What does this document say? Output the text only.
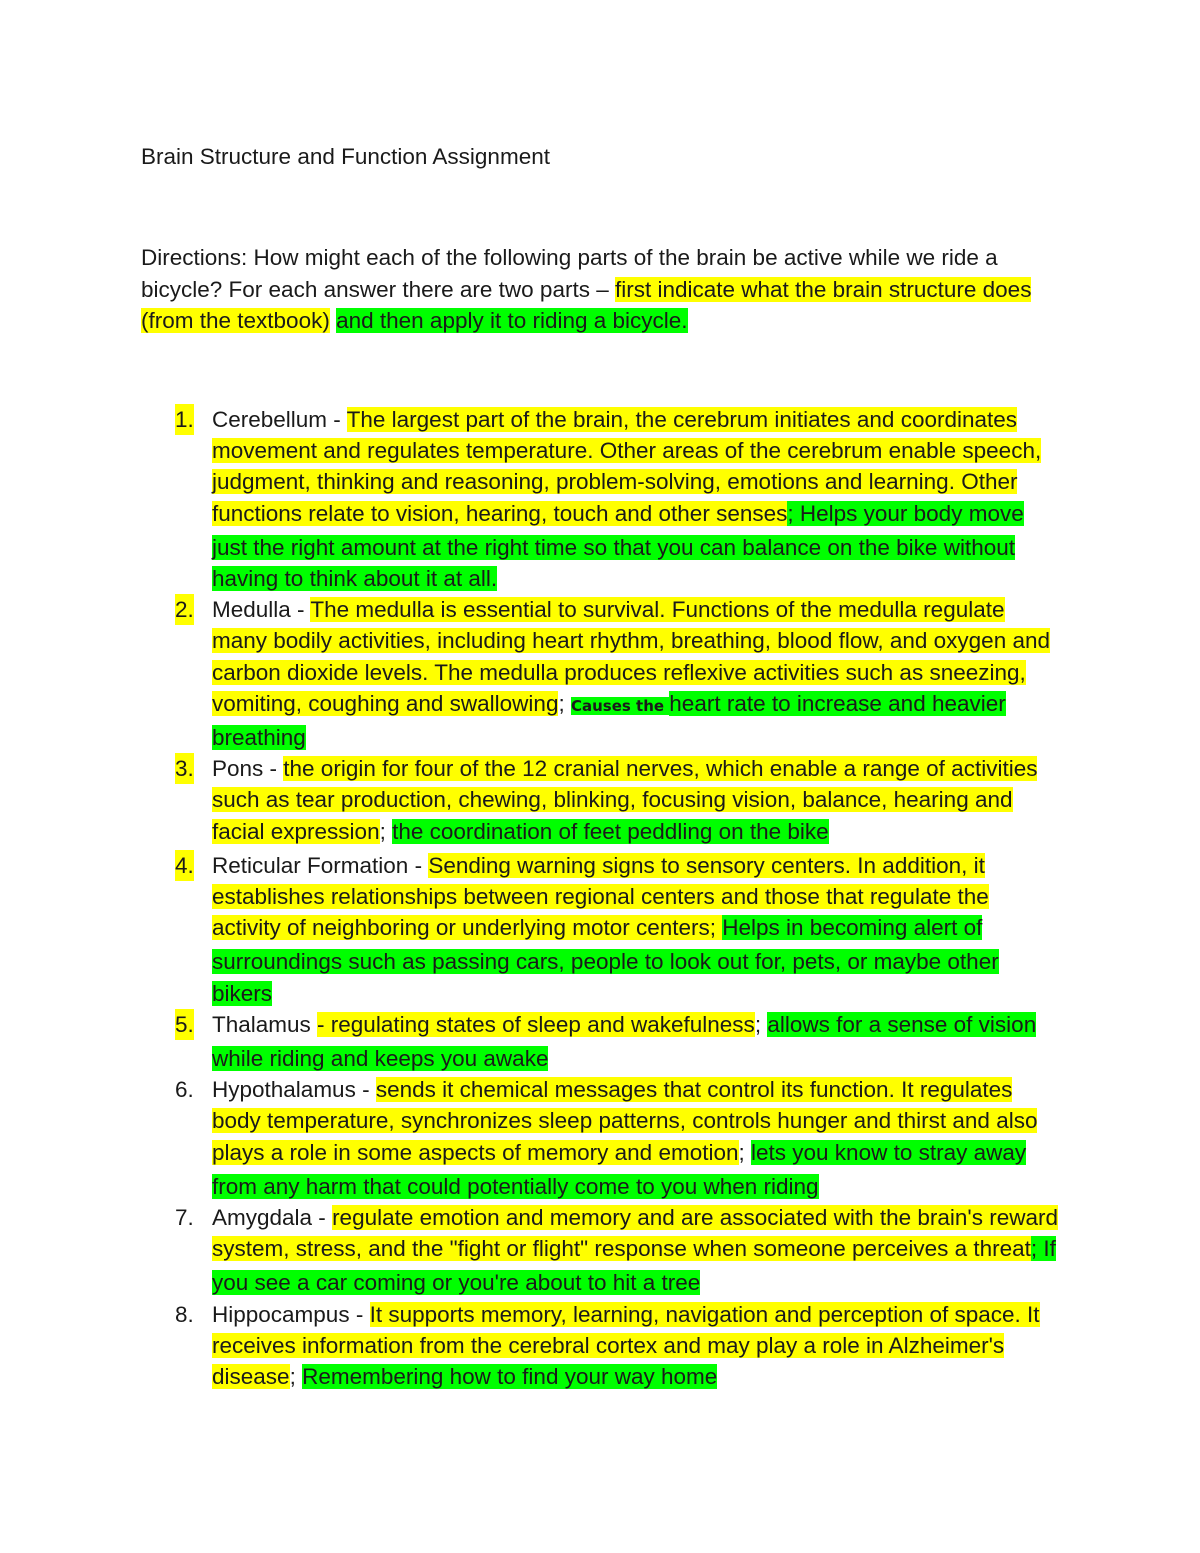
Brain Structure and Function Assignment

Directions: How might each of the following parts of the brain be active while we ride a bicycle? For each answer there are two parts – first indicate what the brain structure does (from the textbook) and then apply it to riding a bicycle.

1. Cerebellum - The largest part of the brain, the cerebrum initiates and coordinates movement and regulates temperature. Other areas of the cerebrum enable speech, judgment, thinking and reasoning, problem-solving, emotions and learning. Other functions relate to vision, hearing, touch and other senses; Helps your body move just the right amount at the right time so that you can balance on the bike without having to think about it at all.
2. Medulla - The medulla is essential to survival. Functions of the medulla regulate many bodily activities, including heart rhythm, breathing, blood flow, and oxygen and carbon dioxide levels. The medulla produces reflexive activities such as sneezing, vomiting, coughing and swallowing; Causes the heart rate to increase and heavier breathing
3. Pons - the origin for four of the 12 cranial nerves, which enable a range of activities such as tear production, chewing, blinking, focusing vision, balance, hearing and facial expression; the coordination of feet peddling on the bike
4. Reticular Formation - Sending warning signs to sensory centers. In addition, it establishes relationships between regional centers and those that regulate the activity of neighboring or underlying motor centers; Helps in becoming alert of surroundings such as passing cars, people to look out for, pets, or maybe other bikers
5. Thalamus - regulating states of sleep and wakefulness; allows for a sense of vision while riding and keeps you awake
6. Hypothalamus - sends it chemical messages that control its function. It regulates body temperature, synchronizes sleep patterns, controls hunger and thirst and also plays a role in some aspects of memory and emotion; lets you know to stray away from any harm that could potentially come to you when riding
7. Amygdala - regulate emotion and memory and are associated with the brain's reward system, stress, and the "fight or flight" response when someone perceives a threat; If you see a car coming or you're about to hit a tree
8. Hippocampus - It supports memory, learning, navigation and perception of space. It receives information from the cerebral cortex and may play a role in Alzheimer's disease; Remembering how to find your way home
